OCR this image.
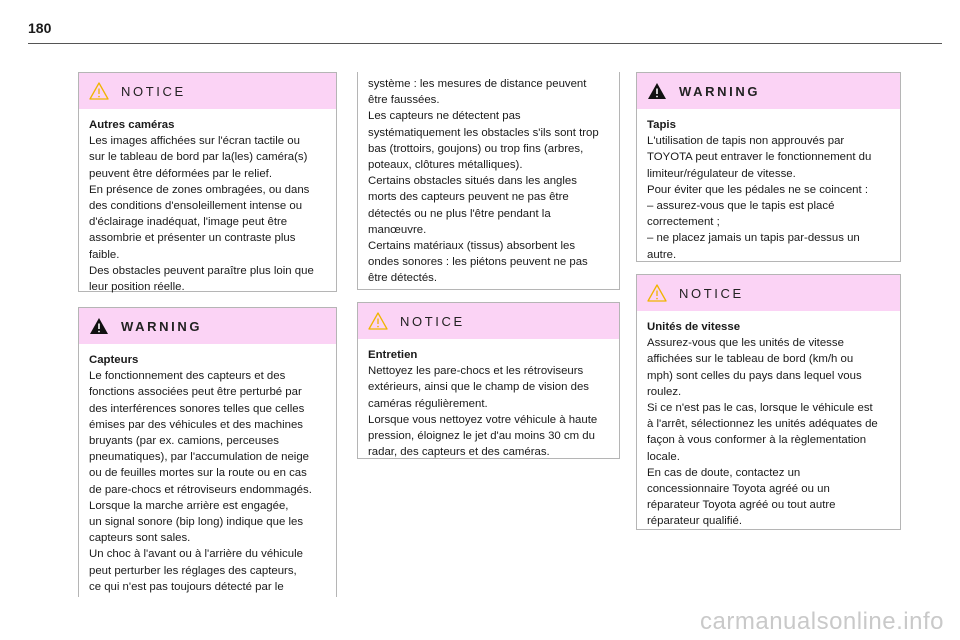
180
NOTICE
Autres caméras

Les images affichées sur l'écran tactile ou
sur le tableau de bord par la(les) caméra(s)
peuvent être déformées par le relief.
En présence de zones ombragées, ou dans
des conditions d'ensoleillement intense ou
d'éclairage inadéquat, l'image peut être
assombrie et présenter un contraste plus
faible.
Des obstacles peuvent paraître plus loin que
leur position réelle.

WARNING
Capteurs

Le fonctionnement des capteurs et des
fonctions associées peut être perturbé par
des interférences sonores telles que celles
émises par des véhicules et des machines
bruyants (par ex. camions, perceuses
pneumatiques), par l'accumulation de neige
ou de feuilles mortes sur la route ou en cas
de pare-chocs et rétroviseurs endommagés.
Lorsque la marche arrière est engagée,
un signal sonore (bip long) indique que les
capteurs sont sales.
Un choc à l'avant ou à l'arrière du véhicule
peut perturber les réglages des capteurs,
ce qui n'est pas toujours détecté par le

système : les mesures de distance peuvent
être faussées.
Les capteurs ne détectent pas
systématiquement les obstacles s'ils sont trop
bas (trottoirs, goujons) ou trop fins (arbres,
poteaux, clôtures métalliques).
Certains obstacles situés dans les angles
morts des capteurs peuvent ne pas être
détectés ou ne plus l'être pendant la
manœuvre.
Certains matériaux (tissus) absorbent les
ondes sonores : les piétons peuvent ne pas
être détectés.

NOTICE
Entretien

Nettoyez les pare-chocs et les rétroviseurs
extérieurs, ainsi que le champ de vision des
caméras régulièrement.
Lorsque vous nettoyez votre véhicule à haute
pression, éloignez le jet d'au moins 30 cm du
radar, des capteurs et des caméras.

WARNING
Tapis

L'utilisation de tapis non approuvés par
TOYOTA peut entraver le fonctionnement du
limiteur/régulateur de vitesse.
Pour éviter que les pédales ne se coincent :
– assurez-vous que le tapis est placé
correctement ;
– ne placez jamais un tapis par-dessus un
autre.

NOTICE
Unités de vitesse

Assurez-vous que les unités de vitesse
affichées sur le tableau de bord (km/h ou
mph) sont celles du pays dans lequel vous
roulez.
Si ce n'est pas le cas, lorsque le véhicule est
à l'arrêt, sélectionnez les unités adéquates de
façon à vous conformer à la règlementation
locale.
En cas de doute, contactez un
concessionnaire Toyota agréé ou un
réparateur Toyota agréé ou tout autre
réparateur qualifié.

carmanualsonline.info
